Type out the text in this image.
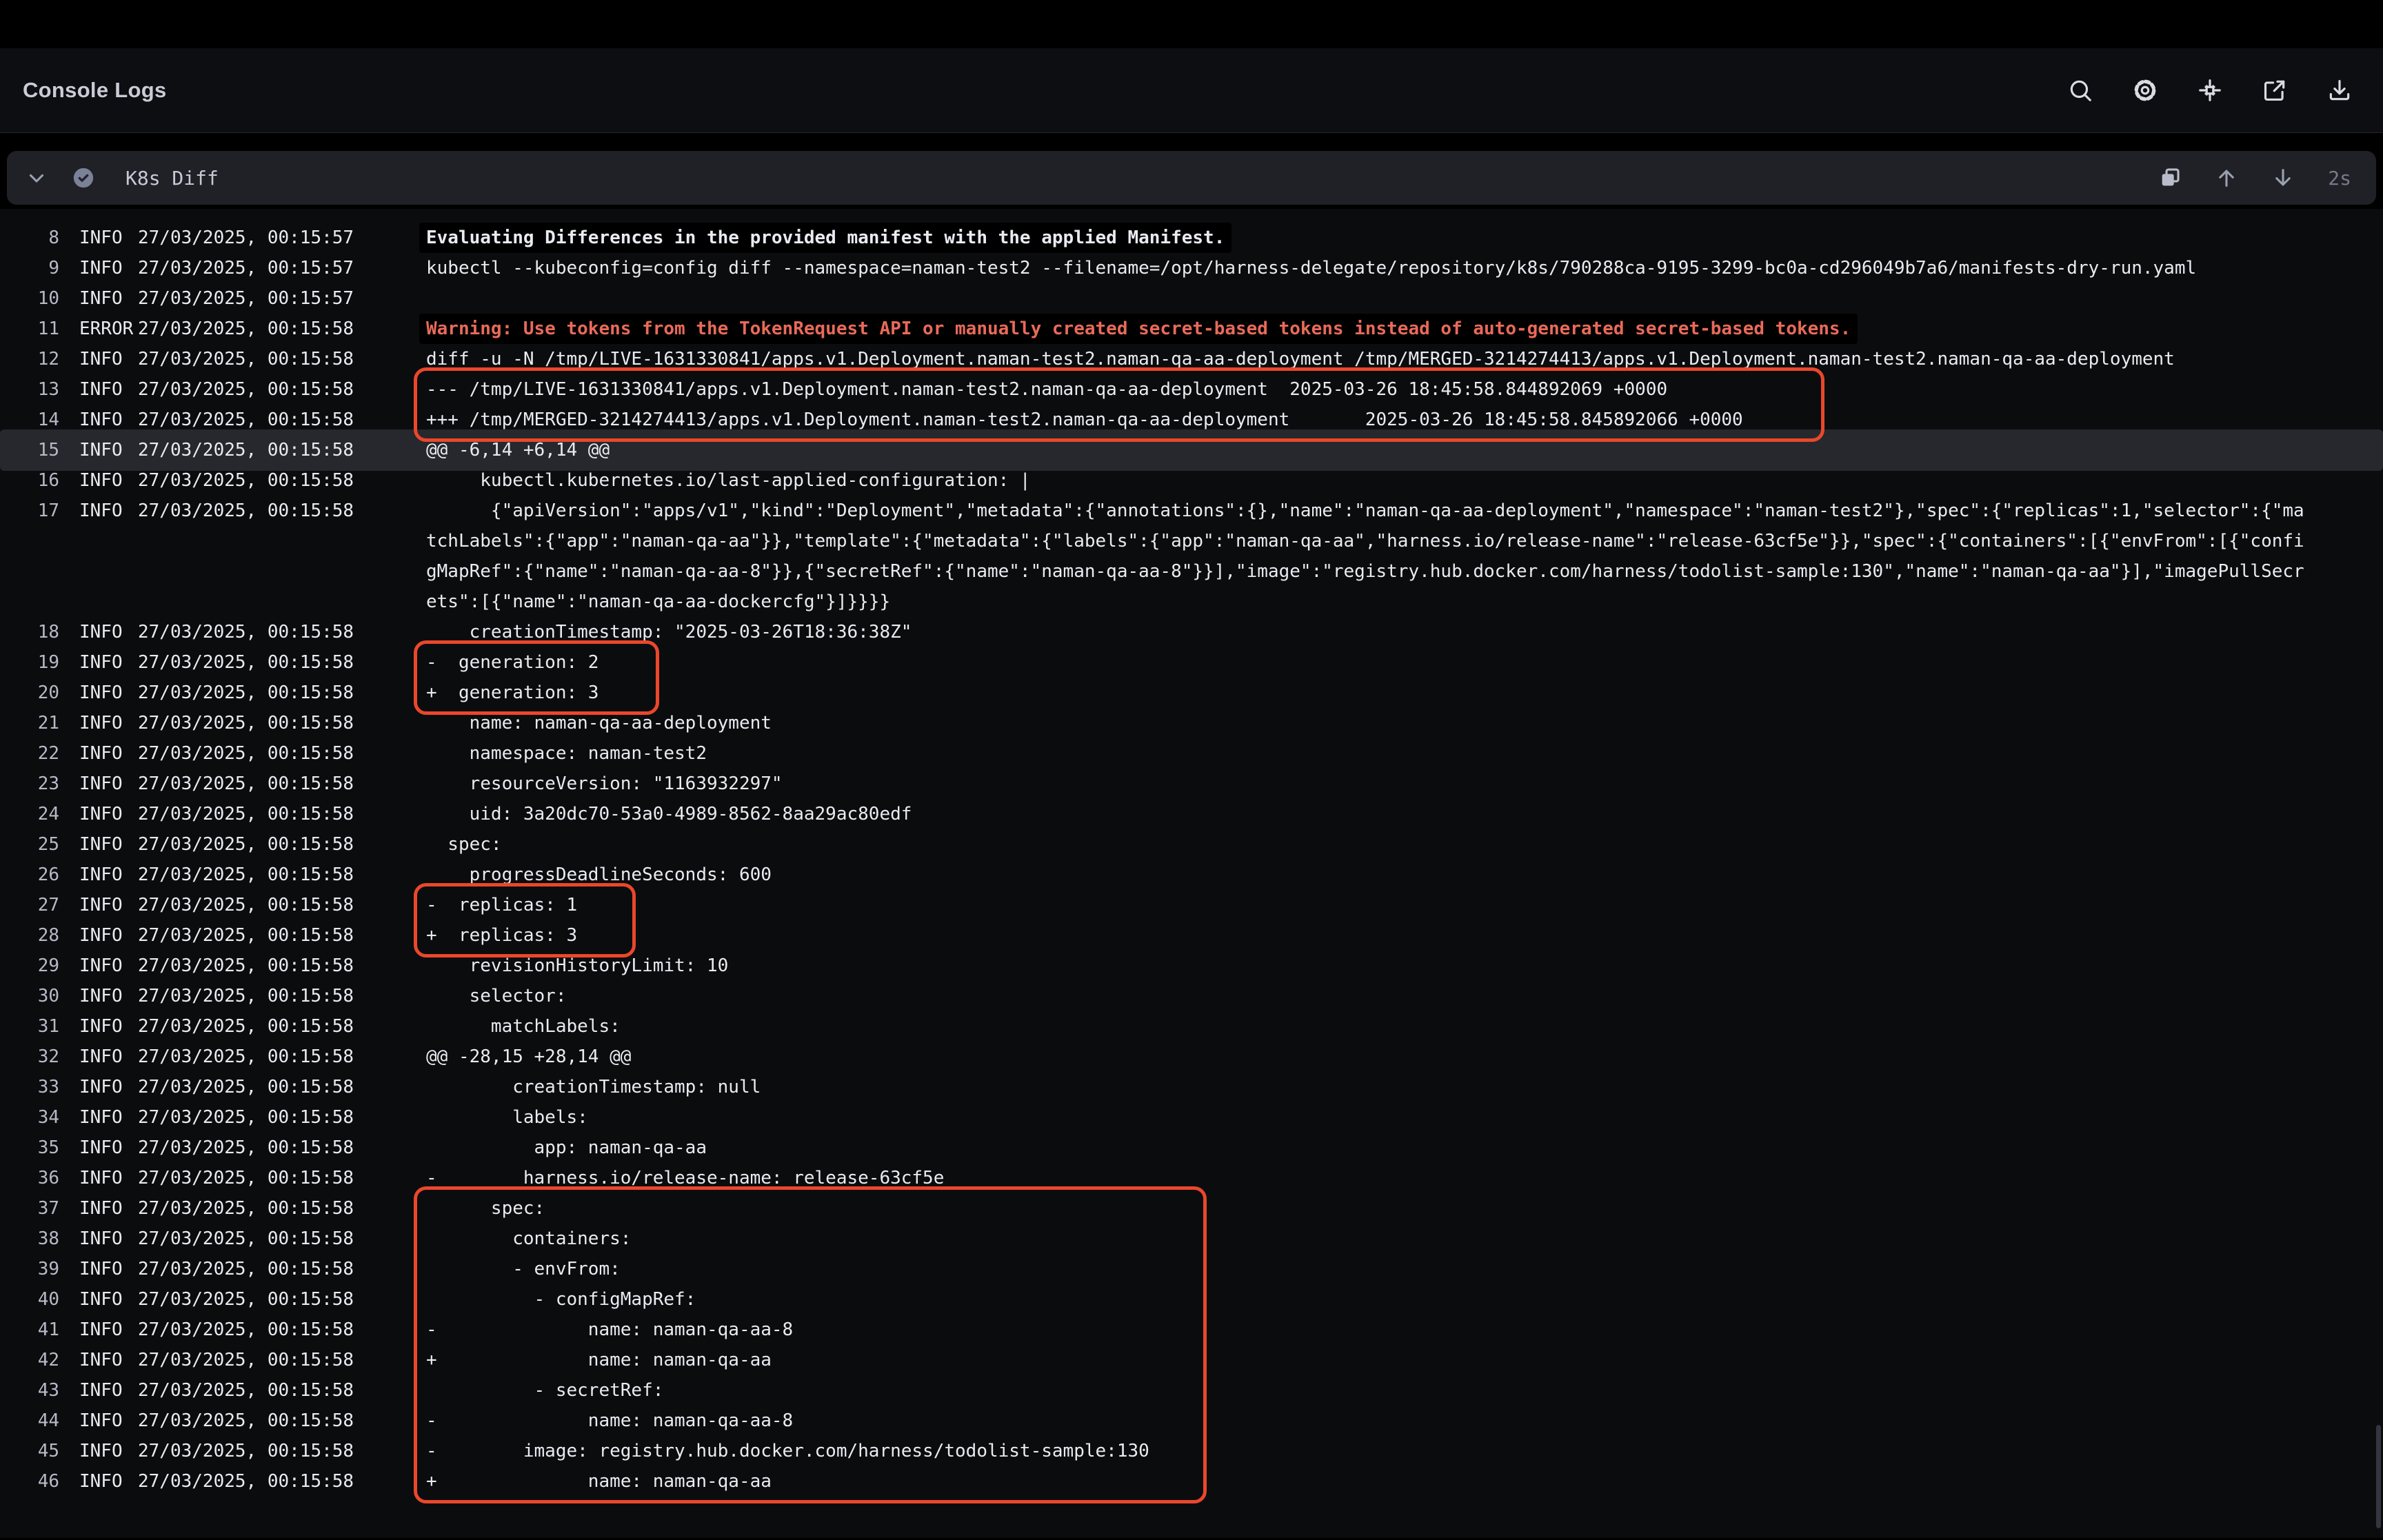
Console Logs
K8s Diff	2s
8 INFO 27/03/2025, 00:15:57	Evaluating Differences in the provided manifest with the applied Manifest.
9 INFO 27/03/2025, 00:15:57	kubectl --kubeconfig=config diff --namespace=naman-test2 --filename=/opt/harness-delegate/repository/k8s/790288ca-9195-3299-bc0a-cd296049b7a6/manifests-dry-run.yaml
10 INFO 27/03/2025, 00:15:57
11 ERROR 27/03/2025, 00:15:58	Warning: Use tokens from the TokenRequest API or manually created secret-based tokens instead of auto-generated secret-based tokens.
12 INFO 27/03/2025, 00:15:58	diff -u -N /tmp/LIVE-1631330841/apps.v1.Deployment.naman-test2.naman-qa-aa-deployment /tmp/MERGED-3214274413/apps.v1.Deployment.naman-test2.naman-qa-aa-deployment
13 INFO 27/03/2025, 00:15:58	--- /tmp/LIVE-1631330841/apps.v1.Deployment.naman-test2.naman-qa-aa-deployment  2025-03-26 18:45:58.844892069 +0000
14 INFO 27/03/2025, 00:15:58	+++ /tmp/MERGED-3214274413/apps.v1.Deployment.naman-test2.naman-qa-aa-deployment       2025-03-26 18:45:58.845892066 +0000
15 INFO 27/03/2025, 00:15:58	@@ -6,14 +6,14 @@
16 INFO 27/03/2025, 00:15:58	kubectl.kubernetes.io/last-applied-configuration: |
17 INFO 27/03/2025, 00:15:58	{"apiVersion":"apps/v1","kind":"Deployment","metadata":{"annotations":{},"name":"naman-qa-aa-deployment","namespace":"naman-test2"},"spec":{"replicas":1,"selector":{"matchLabels":{"app":"naman-qa-aa"}},"template":{"metadata":{"labels":{"app":"naman-qa-aa","harness.io/release-name":"release-63cf5e"}},"spec":{"containers":[{"envFrom":[{"configMapRef":{"name":"naman-qa-aa-8"}},{"secretRef":{"name":"naman-qa-aa-8"}}],"image":"registry.hub.docker.com/harness/todolist-sample:130","name":"naman-qa-aa"}],"imagePullSecrets":[{"name":"naman-qa-aa-dockercfg"}]}}}}
18 INFO 27/03/2025, 00:15:58	creationTimestamp: "2025-03-26T18:36:38Z"
19 INFO 27/03/2025, 00:15:58	-  generation: 2
20 INFO 27/03/2025, 00:15:58	+  generation: 3
21 INFO 27/03/2025, 00:15:58	name: naman-qa-aa-deployment
22 INFO 27/03/2025, 00:15:58	namespace: naman-test2
23 INFO 27/03/2025, 00:15:58	resourceVersion: "1163932297"
24 INFO 27/03/2025, 00:15:58	uid: 3a20dc70-53a0-4989-8562-8aa29ac80edf
25 INFO 27/03/2025, 00:15:58	spec:
26 INFO 27/03/2025, 00:15:58	progressDeadlineSeconds: 600
27 INFO 27/03/2025, 00:15:58	-  replicas: 1
28 INFO 27/03/2025, 00:15:58	+  replicas: 3
29 INFO 27/03/2025, 00:15:58	revisionHistoryLimit: 10
30 INFO 27/03/2025, 00:15:58	selector:
31 INFO 27/03/2025, 00:15:58	matchLabels:
32 INFO 27/03/2025, 00:15:58	@@ -28,15 +28,14 @@
33 INFO 27/03/2025, 00:15:58	creationTimestamp: null
34 INFO 27/03/2025, 00:15:58	labels:
35 INFO 27/03/2025, 00:15:58	app: naman-qa-aa
36 INFO 27/03/2025, 00:15:58	-        harness.io/release-name: release-63cf5e
37 INFO 27/03/2025, 00:15:58	spec:
38 INFO 27/03/2025, 00:15:58	containers:
39 INFO 27/03/2025, 00:15:58	- envFrom:
40 INFO 27/03/2025, 00:15:58	- configMapRef:
41 INFO 27/03/2025, 00:15:58	-              name: naman-qa-aa-8
42 INFO 27/03/2025, 00:15:58	+              name: naman-qa-aa
43 INFO 27/03/2025, 00:15:58	- secretRef:
44 INFO 27/03/2025, 00:15:58	-              name: naman-qa-aa-8
45 INFO 27/03/2025, 00:15:58	-        image: registry.hub.docker.com/harness/todolist-sample:130
46 INFO 27/03/2025, 00:15:58	+              name: naman-qa-aa
